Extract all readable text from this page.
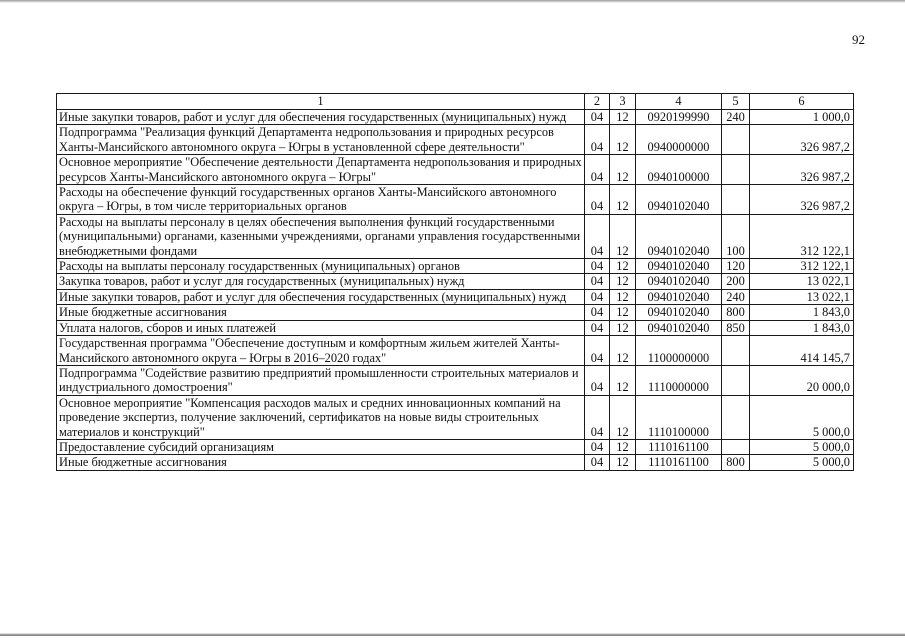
92
1	2	3	4	5	6
Иные закупки товаров, работ и услуг для обеспечения государственных (муниципальных) нужд	04	12	0920199990	240	1 000,0
Подпрограмма "Реализация функций Департамента недропользования и природных ресурсов Ханты-Мансийского автономного округа – Югры в установленной сфере деятельности"	04	12	0940000000		326 987,2
Основное мероприятие "Обеспечение деятельности Департамента недропользования и природных ресурсов Ханты-Мансийского автономного округа – Югры"	04	12	0940100000		326 987,2
Расходы на обеспечение функций государственных органов Ханты-Мансийского автономного округа – Югры, в том числе территориальных органов	04	12	0940102040		326 987,2
Расходы на выплаты персоналу в целях обеспечения выполнения функций государственными (муниципальными) органами, казенными учреждениями, органами управления государственными внебюджетными фондами	04	12	0940102040	100	312 122,1
Расходы на выплаты персоналу государственных (муниципальных) органов	04	12	0940102040	120	312 122,1
Закупка товаров, работ и услуг для государственных (муниципальных) нужд	04	12	0940102040	200	13 022,1
Иные закупки товаров, работ и услуг для обеспечения государственных (муниципальных) нужд	04	12	0940102040	240	13 022,1
Иные бюджетные ассигнования	04	12	0940102040	800	1 843,0
Уплата налогов, сборов и иных платежей	04	12	0940102040	850	1 843,0
Государственная программа "Обеспечение доступным и комфортным жильем жителей Ханты-Мансийского автономного округа – Югры в 2016–2020 годах"	04	12	1100000000		414 145,7
Подпрограмма "Содействие развитию предприятий промышленности строительных материалов и индустриального домостроения"	04	12	1110000000		20 000,0
Основное мероприятие "Компенсация расходов малых и средних инновационных компаний на проведение экспертиз, получение заключений, сертификатов на новые виды строительных материалов и конструкций"	04	12	1110100000		5 000,0
Предоставление субсидий организациям	04	12	1110161100		5 000,0
Иные бюджетные ассигнования	04	12	1110161100	800	5 000,0
